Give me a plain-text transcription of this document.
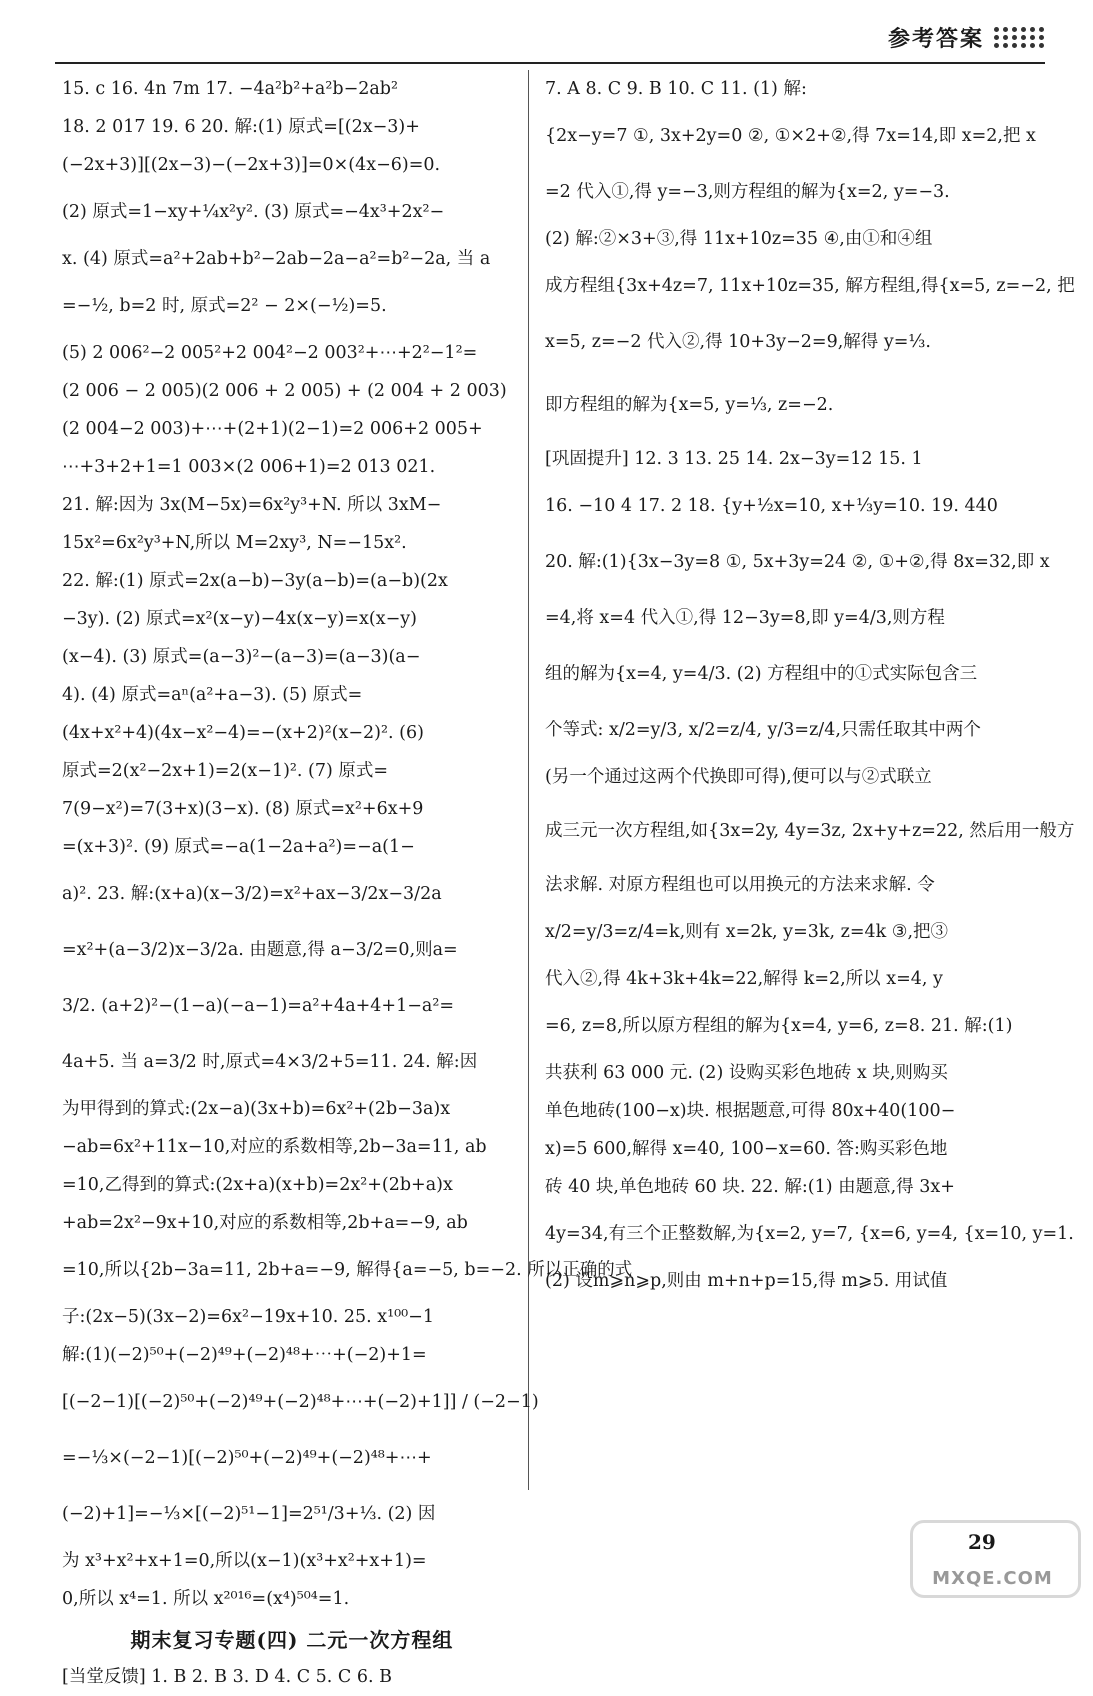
参考答案
15. c 16. 4n 7m 17. −4a²b²+a²b−2ab²
18. 2 017 19. 6 20. 解:(1) 原式=[(2x−3)+
(−2x+3)][(2x−3)−(−2x+3)]=0×(4x−6)=0.
(2) 原式=1−xy+¼x²y². (3) 原式=−4x³+2x²−
x. (4) 原式=a²+2ab+b²−2ab−2a−a²=b²−2a, 当 a
=−½, b=2 时, 原式=2² − 2×(−½)=5.
(5) 2 006²−2 005²+2 004²−2 003²+⋯+2²−1²=
(2 006 − 2 005)(2 006 + 2 005) + (2 004 + 2 003)
(2 004−2 003)+⋯+(2+1)(2−1)=2 006+2 005+
⋯+3+2+1=1 003×(2 006+1)=2 013 021.
21. 解:因为 3x(M−5x)=6x²y³+N. 所以 3xM−
15x²=6x²y³+N,所以 M=2xy³, N=−15x².
22. 解:(1) 原式=2x(a−b)−3y(a−b)=(a−b)(2x
−3y). (2) 原式=x²(x−y)−4x(x−y)=x(x−y)
(x−4). (3) 原式=(a−3)²−(a−3)=(a−3)(a−
4). (4) 原式=aⁿ(a²+a−3). (5) 原式=
(4x+x²+4)(4x−x²−4)=−(x+2)²(x−2)². (6)
原式=2(x²−2x+1)=2(x−1)². (7) 原式=
7(9−x²)=7(3+x)(3−x). (8) 原式=x²+6x+9
=(x+3)². (9) 原式=−a(1−2a+a²)=−a(1−
a)². 23. 解:(x+a)(x−3/2)=x²+ax−3/2x−3/2a
=x²+(a−3/2)x−3/2a. 由题意,得 a−3/2=0,则a=
3/2. (a+2)²−(1−a)(−a−1)=a²+4a+4+1−a²=
4a+5. 当 a=3/2 时,原式=4×3/2+5=11. 24. 解:因
为甲得到的算式:(2x−a)(3x+b)=6x²+(2b−3a)x
−ab=6x²+11x−10,对应的系数相等,2b−3a=11, ab
=10,乙得到的算式:(2x+a)(x+b)=2x²+(2b+a)x
+ab=2x²−9x+10,对应的系数相等,2b+a=−9, ab
=10,所以{2b−3a=11, 2b+a=−9, 解得{a=−5, b=−2. 所以正确的式
子:(2x−5)(3x−2)=6x²−19x+10. 25. x¹⁰⁰−1
解:(1)(−2)⁵⁰+(−2)⁴⁹+(−2)⁴⁸+⋯+(−2)+1=
[(−2−1)[(−2)⁵⁰+(−2)⁴⁹+(−2)⁴⁸+⋯+(−2)+1]] / (−2−1)
=−⅓×(−2−1)[(−2)⁵⁰+(−2)⁴⁹+(−2)⁴⁸+⋯+
(−2)+1]=−⅓×[(−2)⁵¹−1]=2⁵¹/3+⅓. (2) 因
为 x³+x²+x+1=0,所以(x−1)(x³+x²+x+1)=
0,所以 x⁴=1. 所以 x²⁰¹⁶=(x⁴)⁵⁰⁴=1.
期末复习专题(四) 二元一次方程组
[当堂反馈] 1. B 2. B 3. D 4. C 5. C 6. B
7. A 8. C 9. B 10. C 11. (1) 解:
{2x−y=7 ①, 3x+2y=0 ②, ①×2+②,得 7x=14,即 x=2,把 x
=2 代入①,得 y=−3,则方程组的解为{x=2, y=−3.
(2) 解:②×3+③,得 11x+10z=35 ④,由①和④组
成方程组{3x+4z=7, 11x+10z=35, 解方程组,得{x=5, z=−2, 把
x=5, z=−2 代入②,得 10+3y−2=9,解得 y=⅓.
即方程组的解为{x=5, y=⅓, z=−2.
[巩固提升] 12. 3 13. 25 14. 2x−3y=12 15. 1
16. −10 4 17. 2 18. {y+½x=10, x+⅓y=10. 19. 440
20. 解:(1){3x−3y=8 ①, 5x+3y=24 ②, ①+②,得 8x=32,即 x
=4,将 x=4 代入①,得 12−3y=8,即 y=4/3,则方程
组的解为{x=4, y=4/3. (2) 方程组中的①式实际包含三
个等式: x/2=y/3, x/2=z/4, y/3=z/4,只需任取其中两个
(另一个通过这两个代换即可得),便可以与②式联立
成三元一次方程组,如{3x=2y, 4y=3z, 2x+y+z=22, 然后用一般方
法求解. 对原方程组也可以用换元的方法来求解. 令
x/2=y/3=z/4=k,则有 x=2k, y=3k, z=4k ③,把③
代入②,得 4k+3k+4k=22,解得 k=2,所以 x=4, y
=6, z=8,所以原方程组的解为{x=4, y=6, z=8. 21. 解:(1)
共获利 63 000 元. (2) 设购买彩色地砖 x 块,则购买
单色地砖(100−x)块. 根据题意,可得 80x+40(100−
x)=5 600,解得 x=40, 100−x=60. 答:购买彩色地
砖 40 块,单色地砖 60 块. 22. 解:(1) 由题意,得 3x+
4y=34,有三个正整数解,为{x=2, y=7, {x=6, y=4, {x=10, y=1.
(2) 设m⩾n⩾p,则由 m+n+p=15,得 m⩾5. 用试值
29
MXQE.COM
